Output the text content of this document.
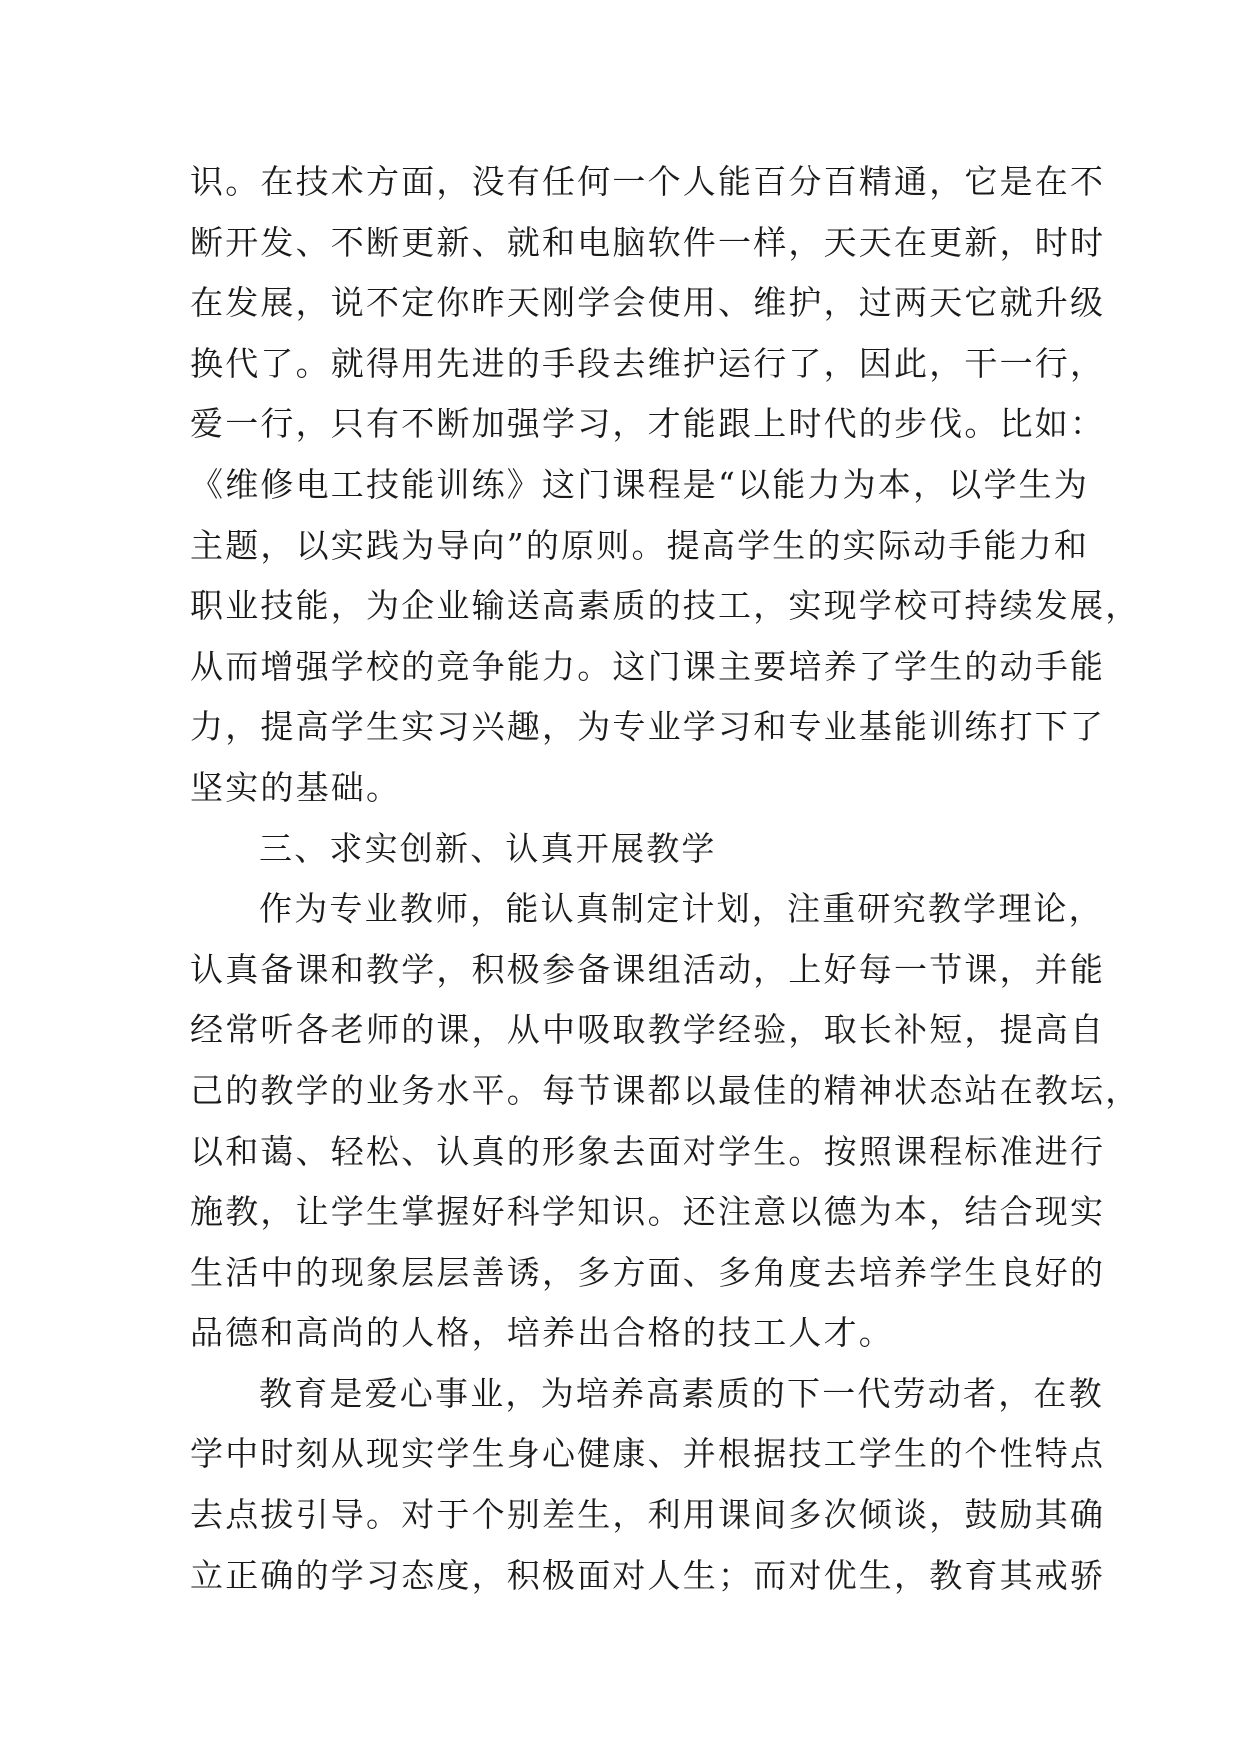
识。在技术方面，没有任何一个人能百分百精通，它是在不
断开发、不断更新、就和电脑软件一样，天天在更新，时时
在发展，说不定你昨天刚学会使用、维护，过两天它就升级
换代了。就得用先进的手段去维护运行了，因此，干一行，
爱一行，只有不断加强学习，才能跟上时代的步伐。比如：
《维修电工技能训练》这门课程是“以能力为本，以学生为
主题，以实践为导向”的原则。提高学生的实际动手能力和
职业技能，为企业输送高素质的技工，实现学校可持续发展，
从而增强学校的竞争能力。这门课主要培养了学生的动手能
力，提高学生实习兴趣，为专业学习和专业基能训练打下了
坚实的基础。
三、求实创新、认真开展教学
作为专业教师，能认真制定计划，注重研究教学理论，
认真备课和教学，积极参备课组活动，上好每一节课，并能
经常听各老师的课，从中吸取教学经验，取长补短，提高自
己的教学的业务水平。每节课都以最佳的精神状态站在教坛，
以和蔼、轻松、认真的形象去面对学生。按照课程标准进行
施教，让学生掌握好科学知识。还注意以德为本，结合现实
生活中的现象层层善诱，多方面、多角度去培养学生良好的
品德和高尚的人格，培养出合格的技工人才。
教育是爱心事业，为培养高素质的下一代劳动者，在教
学中时刻从现实学生身心健康、并根据技工学生的个性特点
去点拔引导。对于个别差生，利用课间多次倾谈，鼓励其确
立正确的学习态度，积极面对人生；而对优生，教育其戒骄
